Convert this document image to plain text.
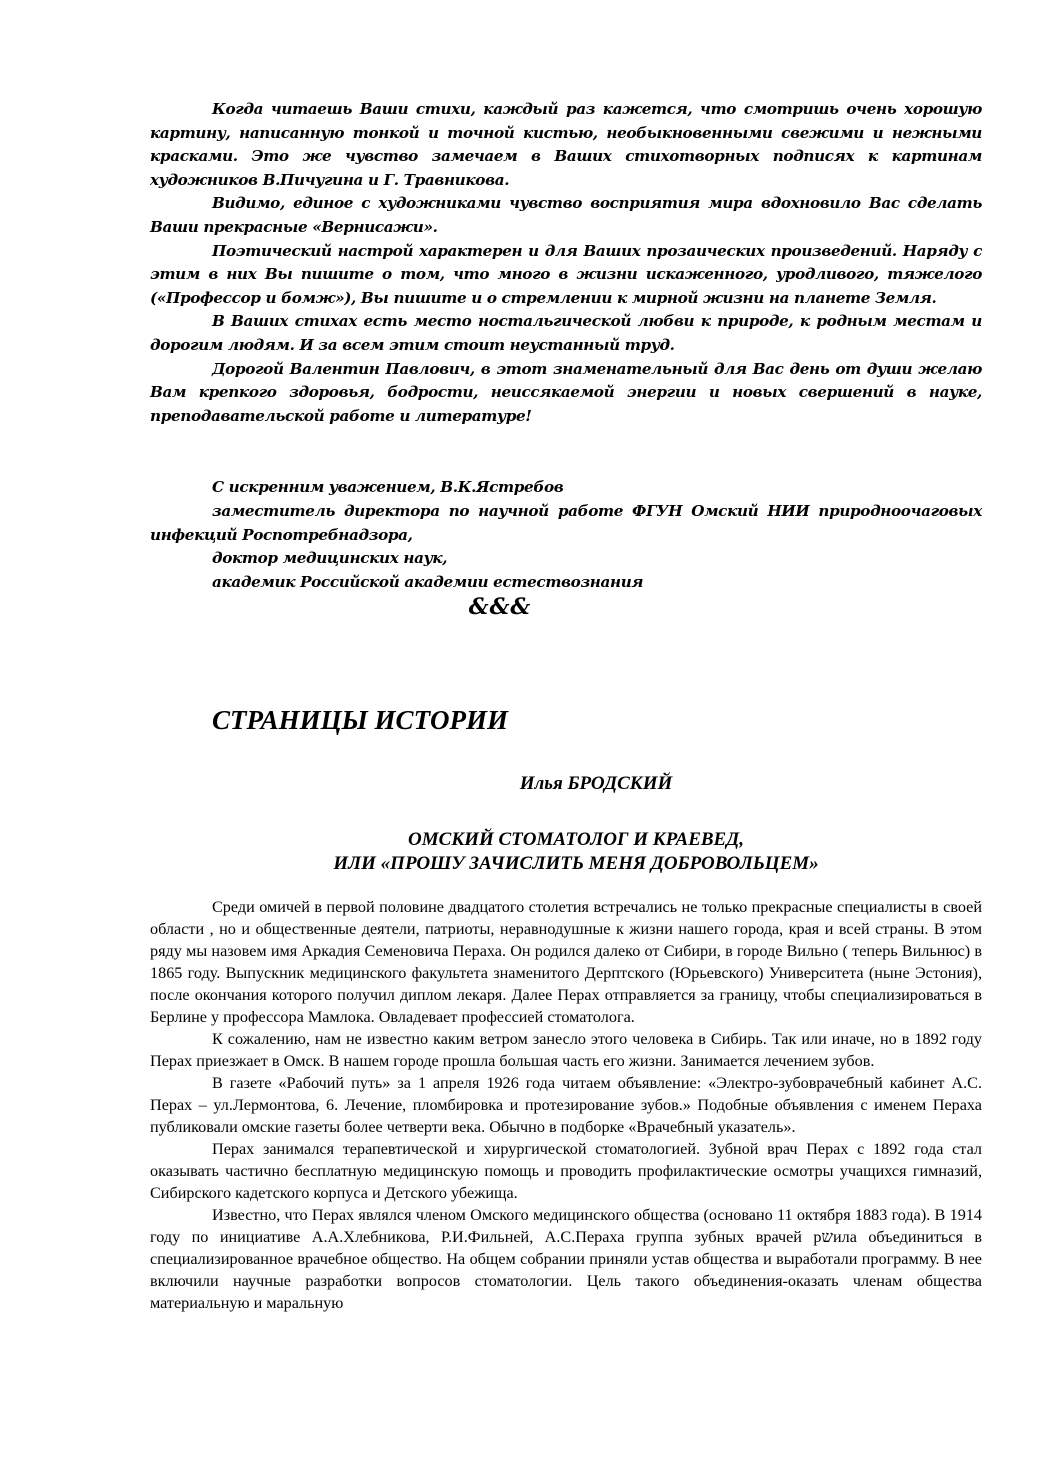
Когда читаешь Ваши стихи, каждый раз кажется, что смотришь очень хорошую картину, написанную тонкой и точной кистью, необыкновенными свежими и нежными красками. Это же чувство замечаем в Ваших стихотворных подписях к картинам художников В.Пичугина и Г. Травникова.

Видимо, единое с художниками чувство восприятия мира вдохновило Вас сделать Ваши прекрасные «Вернисажи».

Поэтический настрой характерен и для Ваших прозаических произведений. Наряду с этим в них Вы пишите о том, что много в жизни искаженного, уродливого, тяжелого («Профессор и бомж»), Вы пишите и о стремлении к мирной жизни на планете Земля.

В Ваших стихах есть место ностальгической любви к природе, к родным местам и дорогим людям. И за всем этим стоит неустанный труд.

Дорогой Валентин Павлович, в этот знаменательный для Вас день от души желаю Вам крепкого здоровья, бодрости, неиссякаемой энергии и новых свершений в науке, преподавательской работе и литературе!

С искренним уважением, В.К.Ястребов
заместитель директора по научной работе ФГУН Омский НИИ природноочаговых инфекций Роспотребнадзора,
доктор медицинских наук,
академик Российской академии естествознания
&&&
СТРАНИЦЫ ИСТОРИИ
Илья БРОДСКИЙ
ОМСКИЙ СТОМАТОЛОГ И КРАЕВЕД,
ИЛИ «ПРОШУ ЗАЧИСЛИТЬ МЕНЯ ДОБРОВОЛЬЦЕМ»

Среди омичей в первой половине двадцатого столетия встречались не только прекрасные специалисты в своей области , но и общественные деятели, патриоты, неравнодушные к жизни нашего города, края и всей страны. В этом ряду мы назовем имя Аркадия Семеновича Пераха. Он родился далеко от Сибири, в городе Вильно ( теперь Вильнюс) в 1865 году. Выпускник медицинского факультета знаменитого Дерптского (Юрьевского) Университета (ныне Эстония), после окончания которого получил диплом лекаря. Далее Перах отправляется за границу, чтобы специализироваться в Берлине у профессора Мамлока. Овладевает профессией стоматолога.

К сожалению, нам не известно каким ветром занесло этого человека в Сибирь. Так или иначе, но в 1892 году Перах приезжает в Омск. В нашем городе прошла большая часть его жизни. Занимается лечением зубов.

В газете «Рабочий путь» за 1 апреля 1926 года читаем объявление: «Электро-зубоврачебный кабинет А.С. Перах – ул.Лермонтова, 6. Лечение, пломбировка и протезирование зубов.» Подобные объявления с именем Пераха публиковали омские газеты более четверти века. Обычно в подборке «Врачебный указатель».

Перах занимался терапевтической и хирургической стоматологией. Зубной врач Перах с 1892 года стал оказывать частично бесплатную медицинскую помощь и проводить профилактические осмотры учащихся гимназий, Сибирского кадетского корпуса и Детского убежища.

Известно, что Перах являлся членом Омского медицинского общества (основано 11 октября 1883 года). В 1914 году по инициативе А.А.Хлебникова, Р.И.Фильней, А.С.Пераха группа зубных врачей рשила объединиться в специализированное врачебное общество. На общем собрании приняли устав общества и выработали программу. В нее включили научные разработки вопросов стоматологии. Цель такого объединения-оказать членам общества материальную и маральную
